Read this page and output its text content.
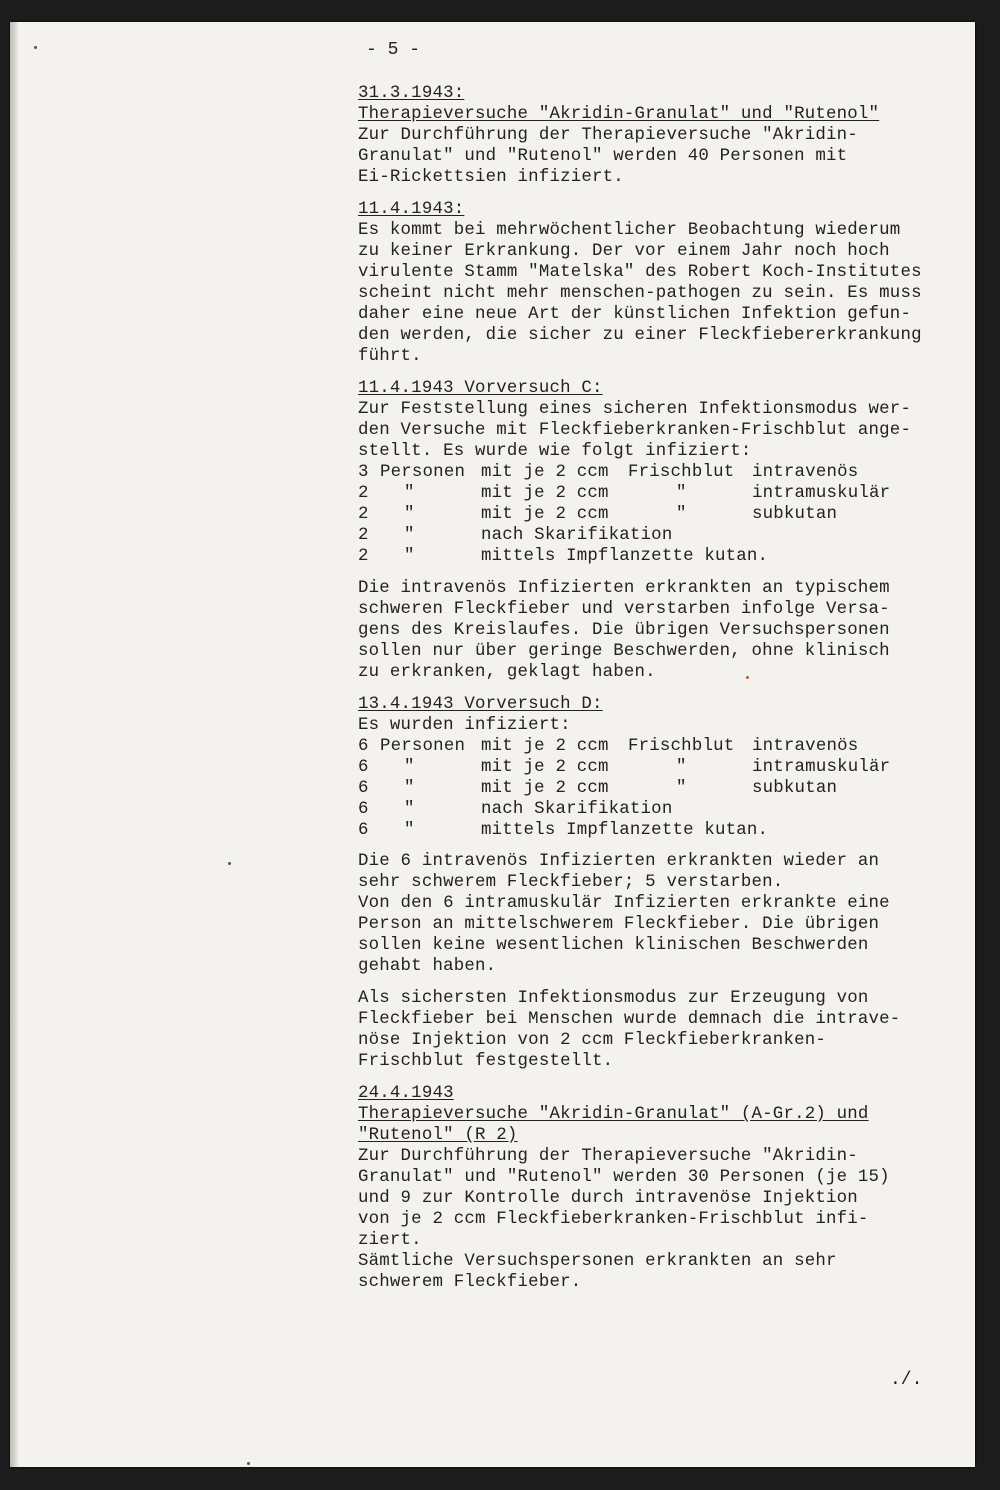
- 5 -
31.3.1943:
Therapieversuche "Akridin-Granulat" und "Rutenol"
Zur Durchführung der Therapieversuche "Akridin-
Granulat" und "Rutenol" werden 40 Personen mit
Ei-Rickettsien infiziert.
11.4.1943:
Es kommt bei mehrwöchentlicher Beobachtung wiederum
zu keiner Erkrankung. Der vor einem Jahr noch hoch
virulente Stamm "Matelska" des Robert Koch-Institutes
scheint nicht mehr menschen-pathogen zu sein. Es muss
daher eine neue Art der künstlichen Infektion gefun-
den werden, die sicher zu einer Fleckfiebererkrankung
führt.
11.4.1943 Vorversuch C:
Zur Feststellung eines sicheren Infektionsmodus wer-
den Versuche mit Fleckfieberkranken-Frischblut ange-
stellt. Es wurde wie folgt infiziert:
3 Personen mit je 2 ccm Frischblut intravenös
2 "	mit je 2 ccm	"	intramuskulär
2 "	mit je 2 ccm	"	subkutan
2 "	nach Skarifikation
2 "	mittels Impflanzette kutan.
Die intravenös Infizierten erkrankten an typischem
schweren Fleckfieber und verstarben infolge Versa-
gens des Kreislaufes. Die übrigen Versuchspersonen
sollen nur über geringe Beschwerden, ohne klinisch
zu erkranken, geklagt haben.
13.4.1943 Vorversuch D:
Es wurden infiziert:
6 Personen mit je 2 ccm Frischblut intravenös
6 "	mit je 2 ccm	"	intramuskulär
6 "	mit je 2 ccm	"	subkutan
6 "	nach Skarifikation
6 "	mittels Impflanzette kutan.
Die 6 intravenös Infizierten erkrankten wieder an
sehr schwerem Fleckfieber; 5 verstarben.
Von den 6 intramuskulär Infizierten erkrankte eine
Person an mittelschwerem Fleckfieber. Die übrigen
sollen keine wesentlichen klinischen Beschwerden
gehabt haben.
Als sichersten Infektionsmodus zur Erzeugung von
Fleckfieber bei Menschen wurde demnach die intrave-
nöse Injektion von 2 ccm Fleckfieberkranken-
Frischblut festgestellt.
24.4.1943
Therapieversuche "Akridin-Granulat" (A-Gr.2) und
"Rutenol" (R 2)
Zur Durchführung der Therapieversuche "Akridin-
Granulat" und "Rutenol" werden 30 Personen (je 15)
und 9 zur Kontrolle durch intravenöse Injektion
von je 2 ccm Fleckfieberkranken-Frischblut infi-
ziert.
Sämtliche Versuchspersonen erkrankten an sehr
schwerem Fleckfieber.
./.
